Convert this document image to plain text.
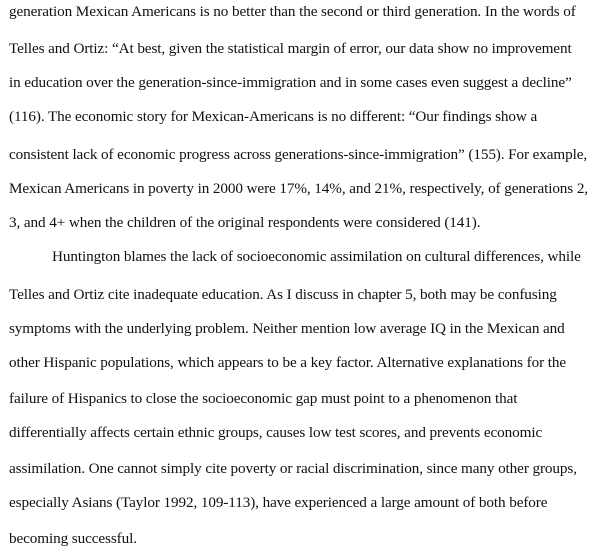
generation Mexican Americans is no better than the second or third generation. In the words of
Telles and Ortiz: “At best, given the statistical margin of error, our data show no improvement
in education over the generation-since-immigration and in some cases even suggest a decline”
(116). The economic story for Mexican-Americans is no different: “Our findings show a
consistent lack of economic progress across generations-since-immigration” (155). For example,
Mexican Americans in poverty in 2000 were 17%, 14%, and 21%, respectively, of generations 2,
3, and 4+ when the children of the original respondents were considered (141).
Huntington blames the lack of socioeconomic assimilation on cultural differences, while
Telles and Ortiz cite inadequate education. As I discuss in chapter 5, both may be confusing
symptoms with the underlying problem. Neither mention low average IQ in the Mexican and
other Hispanic populations, which appears to be a key factor. Alternative explanations for the
failure of Hispanics to close the socioeconomic gap must point to a phenomenon that
differentially affects certain ethnic groups, causes low test scores, and prevents economic
assimilation. One cannot simply cite poverty or racial discrimination, since many other groups,
especially Asians (Taylor 1992, 109-113), have experienced a large amount of both before
becoming successful.
